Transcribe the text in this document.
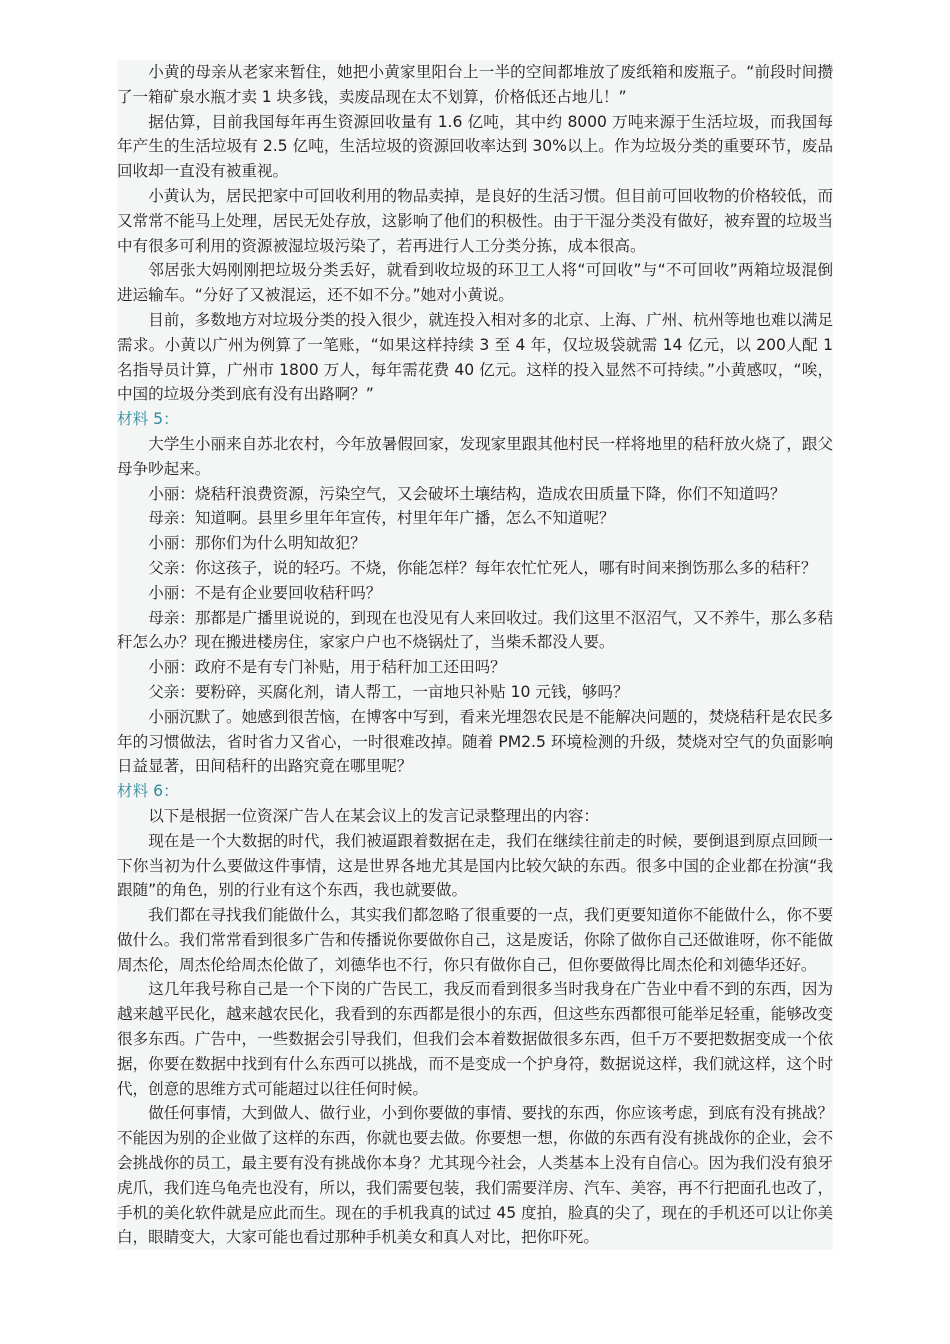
小黄的母亲从老家来暂住，她把小黄家里阳台上一半的空间都堆放了废纸箱和废瓶子。“前段时间攒了一箱矿泉水瓶才卖 1 块多钱，卖废品现在太不划算，价格低还占地儿！”

据估算，目前我国每年再生资源回收量有 1.6 亿吨，其中约 8000 万吨来源于生活垃圾，而我国每年产生的生活垃圾有 2.5 亿吨，生活垃圾的资源回收率达到 30%以上。作为垃圾分类的重要环节，废品回收却一直没有被重视。

小黄认为，居民把家中可回收利用的物品卖掉，是良好的生活习惯。但目前可回收物的价格较低，而又常常不能马上处理，居民无处存放，这影响了他们的积极性。由于干湿分类没有做好，被弃置的垃圾当中有很多可利用的资源被湿垃圾污染了，若再进行人工分类分拣，成本很高。

邻居张大妈刚刚把垃圾分类丢好，就看到收垃圾的环卫工人将“可回收”与“不可回收”两箱垃圾混倒进运输车。“分好了又被混运，还不如不分。”她对小黄说。

目前，多数地方对垃圾分类的投入很少，就连投入相对多的北京、上海、广州、杭州等地也难以满足需求。小黄以广州为例算了一笔账，“如果这样持续 3 至 4 年，仅垃圾袋就需 14 亿元，以 200人配 1 名指导员计算，广州市 1800 万人，每年需花费 40 亿元。这样的投入显然不可持续。”小黄感叹，“唉，中国的垃圾分类到底有没有出路啊？”

材料 5：

大学生小丽来自苏北农村，今年放暑假回家，发现家里跟其他村民一样将地里的秸秆放火烧了，跟父母争吵起来。

小丽：烧秸秆浪费资源，污染空气，又会破坏土壤结构，造成农田质量下降，你们不知道吗？

母亲：知道啊。县里乡里年年宣传，村里年年广播，怎么不知道呢？

小丽：那你们为什么明知故犯？

父亲：你这孩子，说的轻巧。不烧，你能怎样？每年农忙忙死人，哪有时间来捯饬那么多的秸秆？

小丽：不是有企业要回收秸秆吗？

母亲：那都是广播里说说的，到现在也没见有人来回收过。我们这里不沤沼气，又不养牛，那么多秸秆怎么办？现在搬进楼房住，家家户户也不烧锅灶了，当柴禾都没人要。

小丽：政府不是有专门补贴，用于秸秆加工还田吗？

父亲：要粉碎，买腐化剂，请人帮工，一亩地只补贴 10 元钱，够吗？

小丽沉默了。她感到很苦恼，在博客中写到，看来光埋怨农民是不能解决问题的，焚烧秸秆是农民多年的习惯做法，省时省力又省心，一时很难改掉。随着 PM2.5 环境检测的升级，焚烧对空气的负面影响日益显著，田间秸秆的出路究竟在哪里呢？

材料 6：

以下是根据一位资深广告人在某会议上的发言记录整理出的内容：

现在是一个大数据的时代，我们被逼跟着数据在走，我们在继续往前走的时候，要倒退到原点回顾一下你当初为什么要做这件事情，这是世界各地尤其是国内比较欠缺的东西。很多中国的企业都在扮演“我跟随”的角色，别的行业有这个东西，我也就要做。

我们都在寻找我们能做什么，其实我们都忽略了很重要的一点，我们更要知道你不能做什么，你不要做什么。我们常常看到很多广告和传播说你要做你自己，这是废话，你除了做你自己还做谁呀，你不能做周杰伦，周杰伦给周杰伦做了，刘德华也不行，你只有做你自己，但你要做得比周杰伦和刘德华还好。

这几年我号称自己是一个下岗的广告民工，我反而看到很多当时我身在广告业中看不到的东西，因为越来越平民化，越来越农民化，我看到的东西都是很小的东西，但这些东西都很可能举足轻重，能够改变很多东西。广告中，一些数据会引导我们，但我们会本着数据做很多东西，但千万不要把数据变成一个依据，你要在数据中找到有什么东西可以挑战，而不是变成一个护身符，数据说这样，我们就这样，这个时代，创意的思维方式可能超过以往任何时候。

做任何事情，大到做人、做行业，小到你要做的事情、要找的东西，你应该考虑，到底有没有挑战？不能因为别的企业做了这样的东西，你就也要去做。你要想一想，你做的东西有没有挑战你的企业，会不会挑战你的员工，最主要有没有挑战你本身？尤其现今社会，人类基本上没有自信心。因为我们没有狼牙虎爪，我们连乌龟壳也没有，所以，我们需要包装，我们需要洋房、汽车、美容，再不行把面孔也改了，手机的美化软件就是应此而生。现在的手机我真的试过 45 度拍，脸真的尖了，现在的手机还可以让你美白，眼睛变大，大家可能也看过那种手机美女和真人对比，把你吓死。
